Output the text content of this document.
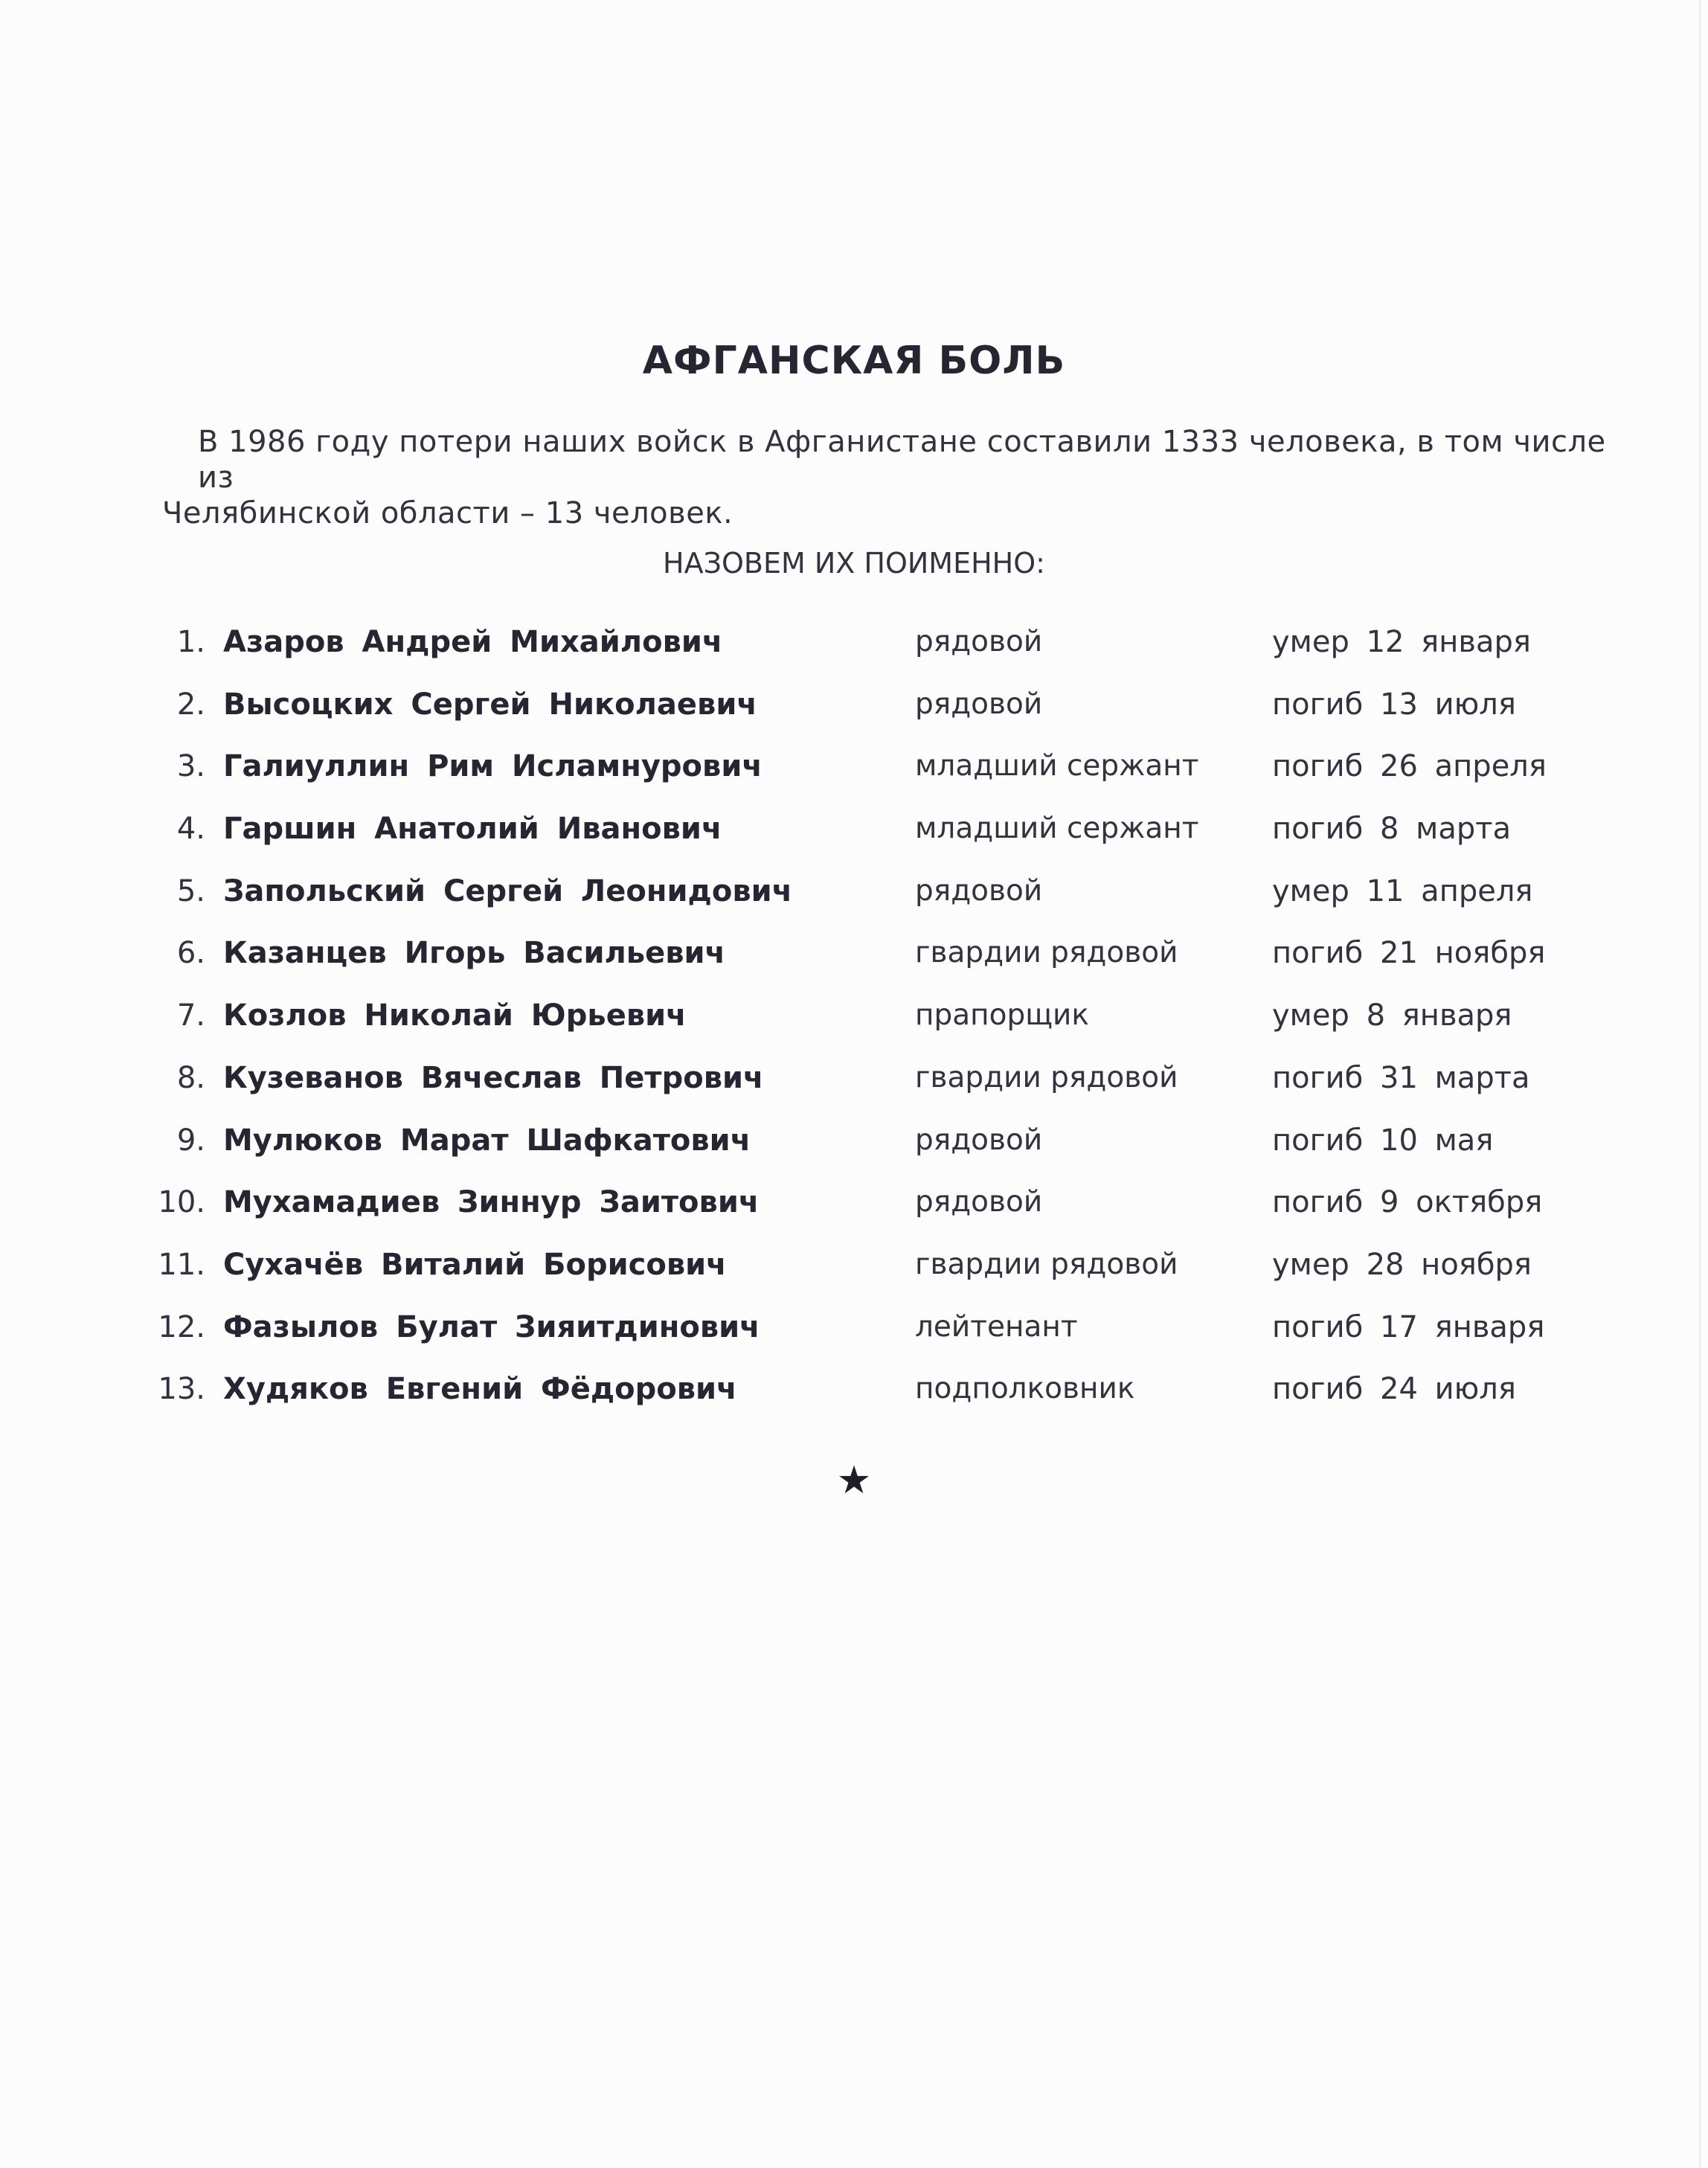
АФГАНСКАЯ БОЛЬ
В 1986 году потери наших войск в Афганистане составили 1333 человека, в том числе из
Челябинской области – 13 человек.
НАЗОВЕМ ИХ ПОИМЕННО:
1. Азаров Андрей Михайлович	рядовой	умер 12 января
2. Высоцких Сергей Николаевич	рядовой	погиб 13 июля
3. Галиуллин Рим Исламнурович	младший сержант погиб 26 апреля
4. Гаршин Анатолий Иванович	младший сержант погиб 8 марта
5. Запольский Сергей Леонидович	рядовой	умер 11 апреля
6. Казанцев Игорь Васильевич	гвардии рядовой	погиб 21 ноября
7. Козлов Николай Юрьевич	прапорщик	умер 8 января
8. Кузеванов Вячеслав Петрович	гвардии рядовой	погиб 31 марта
9. Мулюков Марат Шафкатович	рядовой	погиб 10 мая
10. Мухамадиев Зиннур Заитович	рядовой	погиб 9 октября
11. Сухачёв Виталий Борисович	гвардии рядовой	умер 28 ноября
12. Фазылов Булат Зияитдинович	лейтенант	погиб 17 января
13. Худяков Евгений Фёдорович	подполковник	погиб 24 июля
★
